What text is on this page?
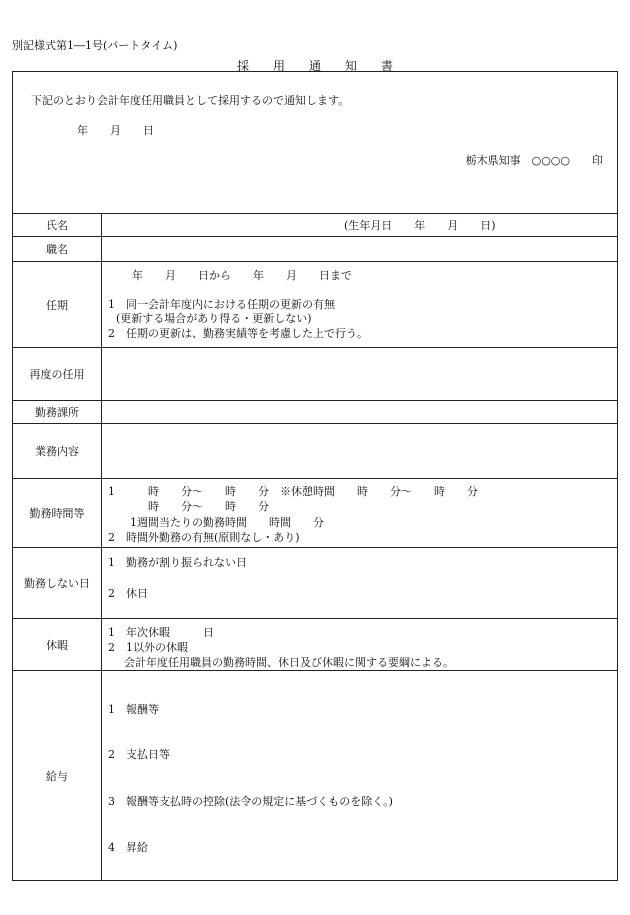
別記様式第1―1号(パートタイム)
採　　用　　通　　知　　書
下記のとおり会計年度任用職員として採用するので通知します。
年　　月　　日
栃木県知事　○○○○　　印
氏名	(生年月日　　年　　月　　日)
職名
任期
年　　月　　日から　　年　　月　　日まで
1　同一会計年度内における任期の更新の有無
(更新する場合があり得る・更新しない)
2　任期の更新は、勤務実績等を考慮した上で行う。
再度の任用
勤務課所
業務内容
勤務時間等
1　　　時　　分～　　時　　分　※休憩時間　　時　　分～　　時　　分
時　　分～　　時　　分
1週間当たりの勤務時間　　時間　　分
2　時間外勤務の有無(原則なし・あり)
勤務しない日
1　勤務が割り振られない日
2　休日
休暇
1　年次休暇　　　日
2　1以外の休暇
会計年度任用職員の勤務時間、休日及び休暇に関する要綱による。
給与
1　報酬等
2　支払日等
3　報酬等支払時の控除(法令の規定に基づくものを除く。)
4　昇給
